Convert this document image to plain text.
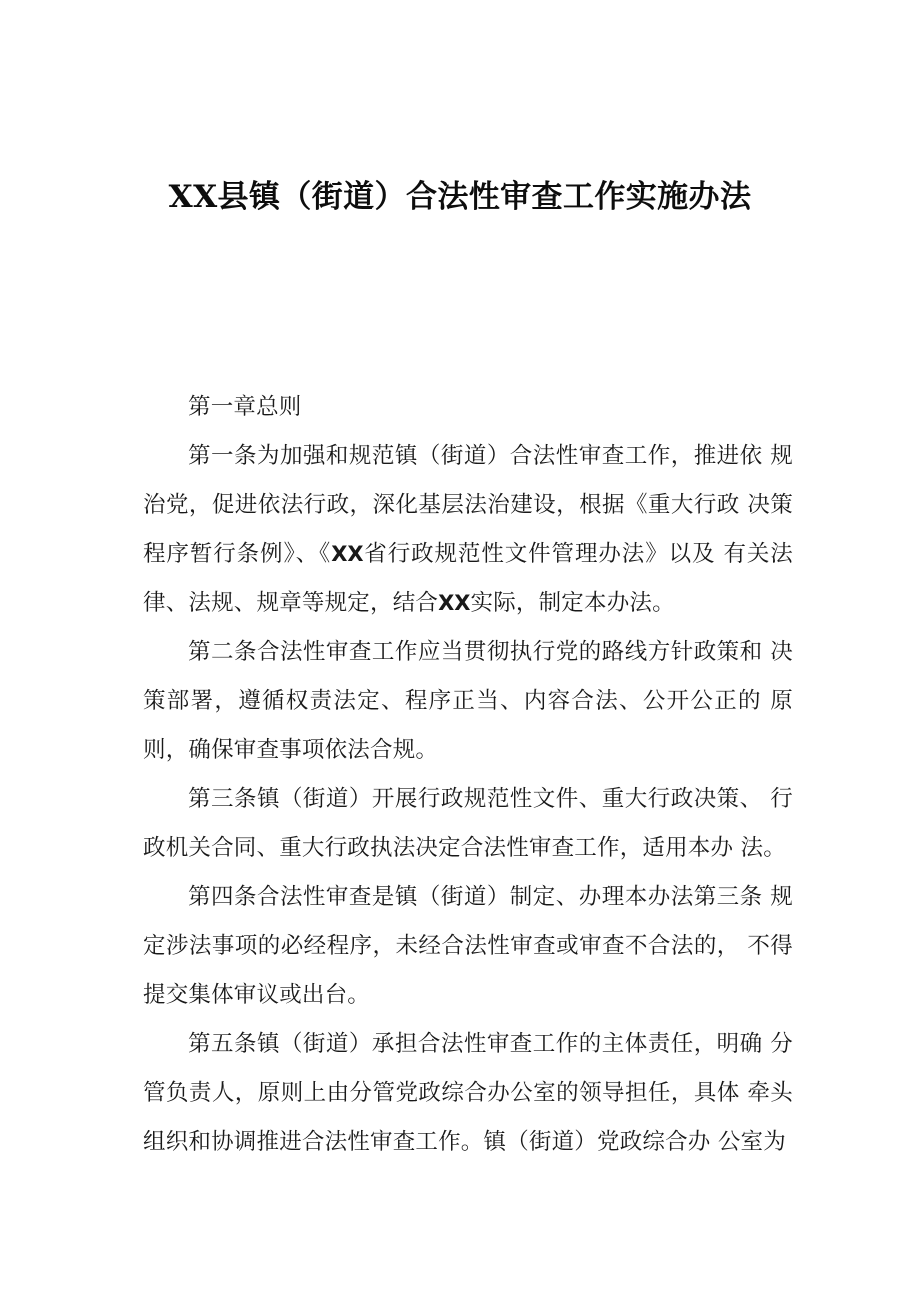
XX县镇（街道）合法性审查工作实施办法

第一章总则

第一条为加强和规范镇（街道）合法性审查工作，推进依 规治党，促进依法行政，深化基层法治建设，根据《重大行政 决策程序暂行条例》、《XX省行政规范性文件管理办法》以及 有关法律、法规、规章等规定，结合XX实际，制定本办法。

第二条合法性审查工作应当贯彻执行党的路线方针政策和 决策部署，遵循权责法定、程序正当、内容合法、公开公正的 原则，确保审查事项依法合规。

第三条镇（街道）开展行政规范性文件、重大行政决策、 行政机关合同、重大行政执法决定合法性审查工作，适用本办 法。

第四条合法性审查是镇（街道）制定、办理本办法第三条 规定涉法事项的必经程序，未经合法性审查或审查不合法的， 不得提交集体审议或出台。

第五条镇（街道）承担合法性审查工作的主体责任，明确 分管负责人，原则上由分管党政综合办公室的领导担任，具体 牵头组织和协调推进合法性审查工作。镇（街道）党政综合办 公室为
